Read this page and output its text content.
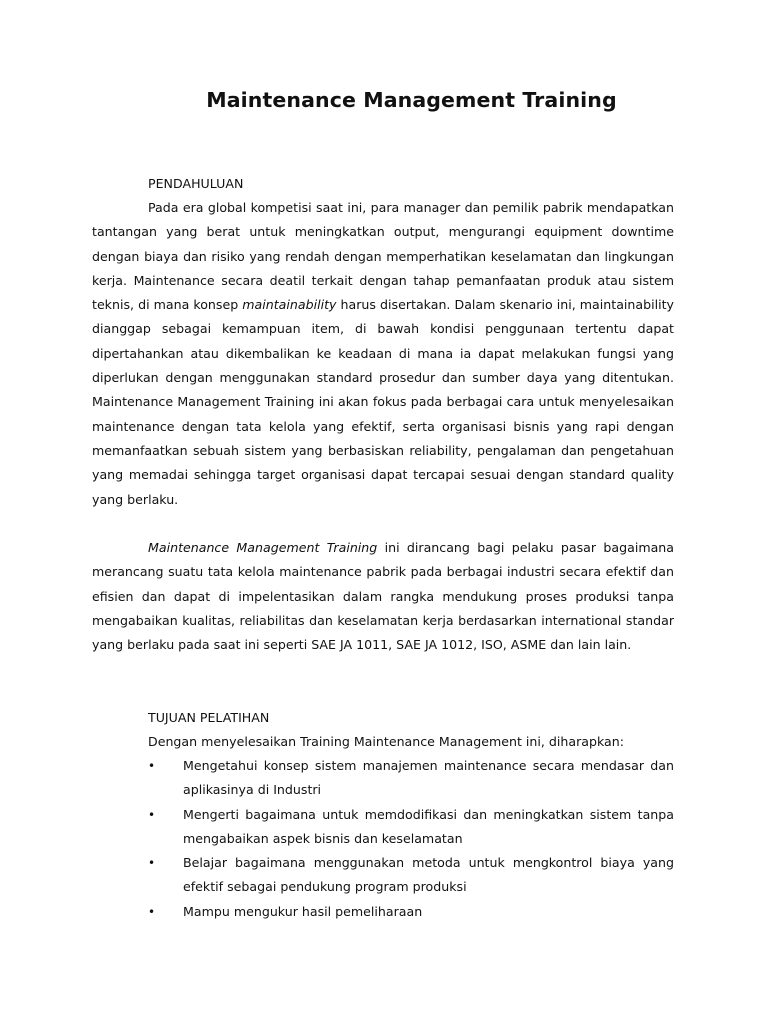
Maintenance Management Training
PENDAHULUAN

Pada era global kompetisi saat ini, para manager dan pemilik pabrik mendapatkan tantangan yang berat untuk meningkatkan output, mengurangi equipment downtime dengan biaya dan risiko yang rendah dengan memperhatikan keselamatan dan lingkungan kerja. Maintenance secara deatil terkait dengan tahap pemanfaatan produk atau sistem teknis, di mana konsep maintainability harus disertakan. Dalam skenario ini, maintainability dianggap sebagai kemampuan item, di bawah kondisi penggunaan tertentu dapat dipertahankan atau dikembalikan ke keadaan di mana ia dapat melakukan fungsi yang diperlukan dengan menggunakan standard prosedur dan sumber daya yang ditentukan. Maintenance Management Training ini akan fokus pada berbagai cara untuk menyelesaikan maintenance dengan tata kelola yang efektif, serta organisasi bisnis yang rapi dengan memanfaatkan sebuah sistem yang berbasiskan reliability, pengalaman dan pengetahuan yang memadai sehingga target organisasi dapat tercapai sesuai dengan standard quality yang berlaku.

Maintenance Management Training ini dirancang bagi pelaku pasar bagaimana merancang suatu tata kelola maintenance pabrik pada berbagai industri secara efektif dan efisien dan dapat di impelentasikan dalam rangka mendukung proses produksi tanpa mengabaikan kualitas, reliabilitas dan keselamatan kerja berdasarkan international standar yang berlaku pada saat ini seperti SAE JA 1011, SAE JA 1012, ISO, ASME dan lain lain.

TUJUAN PELATIHAN

Dengan menyelesaikan Training Maintenance Management ini, diharapkan:

• Mengetahui konsep sistem manajemen maintenance secara mendasar dan aplikasinya di Industri
• Mengerti bagaimana untuk memdodifikasi dan meningkatkan sistem tanpa mengabaikan aspek bisnis dan keselamatan
• Belajar bagaimana menggunakan metoda untuk mengkontrol biaya yang efektif sebagai pendukung program produksi
• Mampu mengukur hasil pemeliharaan
